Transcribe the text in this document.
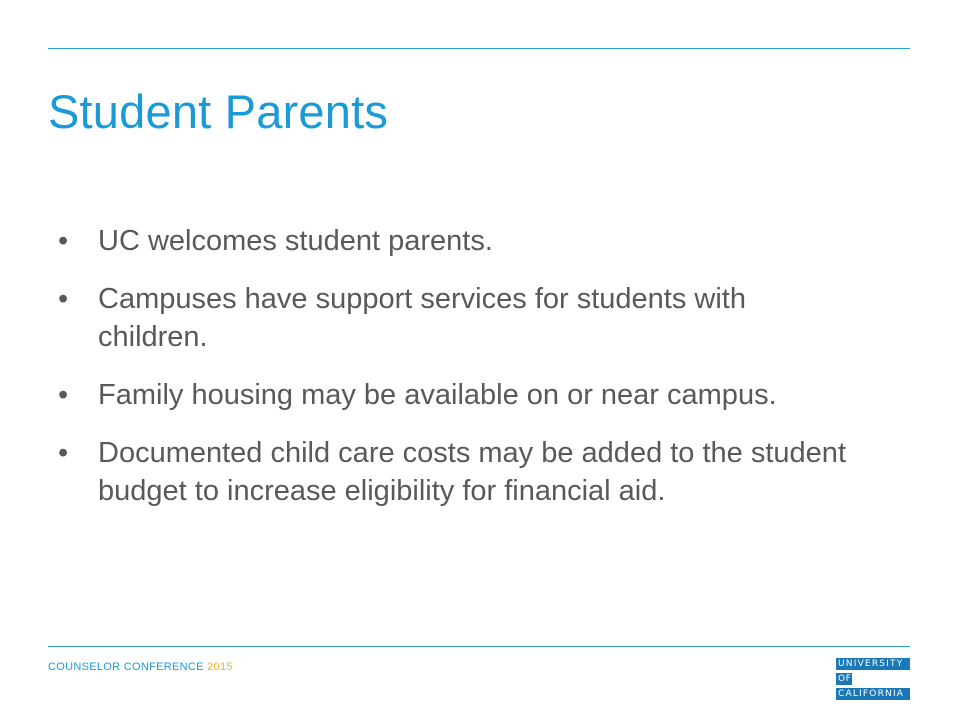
Student Parents
• UC welcomes student parents.
• Campuses have support services for students with children.
• Family housing may be available on or near campus.
• Documented child care costs may be added to the student budget to increase eligibility for financial aid.
COUNSELOR CONFERENCE 2015	UNIVERSITY
OF
CALIFORNIA
